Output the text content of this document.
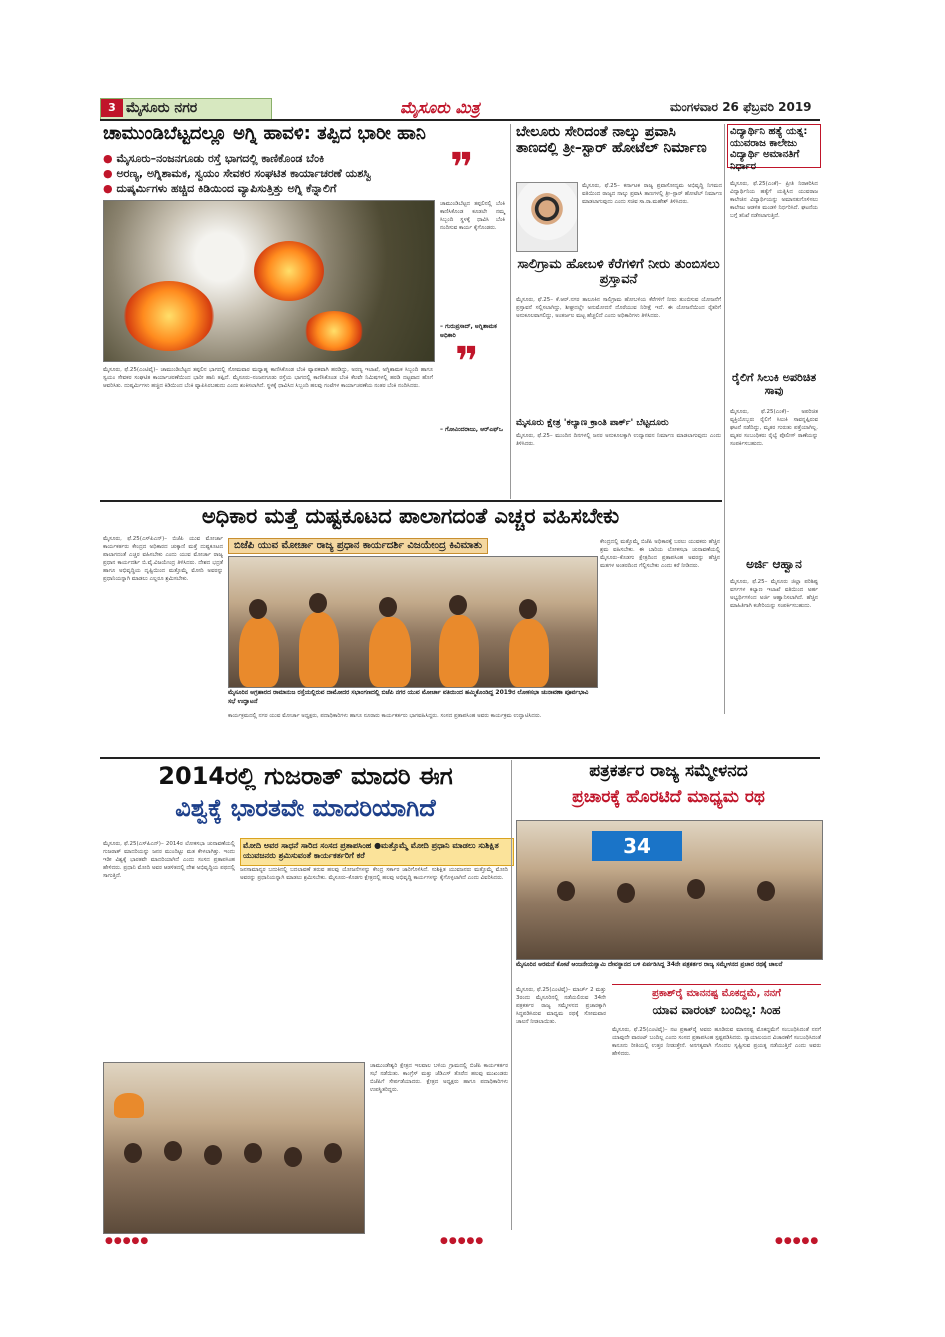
3 ಮೈಸೂರು ನಗರ	ಮೈಸೂರು ಮಿತ್ರ	ಮಂಗಳವಾರ 26 ಫೆಬ್ರವರಿ 2019
ಚಾಮುಂಡಿಬೆಟ್ಟದಲ್ಲೂ ಅಗ್ನಿ ಹಾವಳಿ: ತಪ್ಪಿದ ಭಾರೀ ಹಾನಿ
● ಮೈಸೂರು–ನಂಜನಗೂಡು ರಸ್ತೆ ಭಾಗದಲ್ಲಿ ಕಾಣಿಕೊಂಡ ಬೆಂಕಿ
● ಅರಣ್ಯ, ಅಗ್ನಿಶಾಮಕ, ಸ್ವಯಂ ಸೇವಕರ ಸಂಘಟಿತ ಕಾರ್ಯಾಚರಣೆ ಯಶಸ್ವಿ
● ದುಷ್ಕರ್ಮಿಗಳು ಹಚ್ಚಿದ ಕಿಡಿಯಿಂದ ವ್ಯಾಪಿಸುತ್ತಿತ್ತು ಅಗ್ನಿ ಕೆನ್ನಾಲಿಗೆ	❞
ಚಾಮುಂಡಿಬೆಟ್ಟದ ತಪ್ಪಲಿನಲ್ಲಿ ಬೆಂಕಿ ಕಾಣಿಸಿಕೊಂಡ ಕೂಡಲೇ ನಮ್ಮ ಸಿಬ್ಬಂದಿ ಸ್ಥಳಕ್ಕೆ ಧಾವಿಸಿ ಬೆಂಕಿ ನಂದಿಸುವ ಕಾರ್ಯ ಕೈಗೊಂಡರು.
– ಗುರುಪ್ರಸಾದ್, ಅಗ್ನಿಶಾಮಕ ಅಧಿಕಾರಿ
❞
– ಗೋವಿಂದರಾಜು, ಆರ್‌ಎಫ್‌ಒ
ಮೈಸೂರು, ಫೆ.25(ಎಂಟಿವೈ)– ಚಾಮುಂಡಿಬೆಟ್ಟದ ತಪ್ಪಲಿನ ಭಾಗದಲ್ಲಿ ಸೋಮವಾರ ಮಧ್ಯಾಹ್ನ ಕಾಣಿಸಿಕೊಂಡ ಬೆಂಕಿ ವ್ಯಾಪಕವಾಗಿ ಹರಡಿದ್ದು, ಅರಣ್ಯ ಇಲಾಖೆ, ಅಗ್ನಿಶಾಮಕ ಸಿಬ್ಬಂದಿ ಹಾಗೂ ಸ್ವಯಂ ಸೇವಕರ ಸಂಘಟಿತ ಕಾರ್ಯಾಚರಣೆಯಿಂದ ಭಾರೀ ಹಾನಿ ತಪ್ಪಿದೆ. ಮೈಸೂರು–ನಂಜನಗೂಡು ರಸ್ತೆಯ ಭಾಗದಲ್ಲಿ ಕಾಣಿಸಿಕೊಂಡ ಬೆಂಕಿ ಕೆಲವೇ ನಿಮಿಷಗಳಲ್ಲಿ ಹರಡಿ ದಟ್ಟವಾದ ಹೊಗೆ ಆವರಿಸಿತು. ದುಷ್ಕರ್ಮಿಗಳು ಹಚ್ಚಿದ ಕಿಡಿಯಿಂದ ಬೆಂಕಿ ವ್ಯಾಪಿಸಿರಬಹುದು ಎಂದು ಶಂಕಿಸಲಾಗಿದೆ. ಸ್ಥಳಕ್ಕೆ ಧಾವಿಸಿದ ಸಿಬ್ಬಂದಿ ಹಲವು ಗಂಟೆಗಳ ಕಾರ್ಯಾಚರಣೆಯ ನಂತರ ಬೆಂಕಿ ನಂದಿಸಿದರು.
ಬೇಲೂರು ಸೇರಿದಂತೆ ನಾಲ್ಕು ಪ್ರವಾಸಿ ತಾಣದಲ್ಲಿ ತ್ರೀ–ಸ್ಟಾರ್ ಹೋಟೆಲ್ ನಿರ್ಮಾಣ
ಮೈಸೂರು, ಫೆ.25– ಕರ್ನಾಟಕ ರಾಜ್ಯ ಪ್ರವಾಸೋದ್ಯಮ ಅಭಿವೃದ್ಧಿ ನಿಗಮದ ವತಿಯಿಂದ ರಾಜ್ಯದ ನಾಲ್ಕು ಪ್ರವಾಸಿ ತಾಣಗಳಲ್ಲಿ ತ್ರೀ–ಸ್ಟಾರ್ ಹೋಟೆಲ್ ನಿರ್ಮಾಣ ಮಾಡಲಾಗುವುದು ಎಂದು ಸಚಿವ ಸಾ.ರಾ.ಮಹೇಶ್ ತಿಳಿಸಿದರು.
ಸಾಲಿಗ್ರಾಮ ಹೋಬಳಿ ಕೆರೆಗಳಿಗೆ ನೀರು ತುಂಬಿಸಲು ಪ್ರಸ್ತಾವನೆ
ಮೈಸೂರು, ಫೆ.25– ಕೆ.ಆರ್.ನಗರ ತಾಲೂಕಿನ ಸಾಲಿಗ್ರಾಮ ಹೋಬಳಿಯ ಕೆರೆಗಳಿಗೆ ನೀರು ತುಂಬಿಸುವ ಯೋಜನೆಗೆ ಪ್ರಸ್ತಾವನೆ ಸಲ್ಲಿಸಲಾಗಿದ್ದು, ಶೀಘ್ರದಲ್ಲೇ ಅನುಮೋದನೆ ದೊರೆಯುವ ನಿರೀಕ್ಷೆ ಇದೆ. ಈ ಯೋಜನೆಯಿಂದ ರೈತರಿಗೆ ಅನುಕೂಲವಾಗಲಿದ್ದು, ಅಂತರ್ಜಲ ಮಟ್ಟ ಹೆಚ್ಚಲಿದೆ ಎಂದು ಅಧಿಕಾರಿಗಳು ತಿಳಿಸಿದರು.
ಮೈಸೂರು ಕ್ಷೇತ್ರ 'ಕಲ್ಯಾಣ ಕ್ರಾಂತಿ ಪಾರ್ಕ್‌' ಬೆಟ್ಟದೂರು
ಮೈಸೂರು, ಫೆ.25– ಮುಂದಿನ ದಿನಗಳಲ್ಲಿ ಜನರ ಅನುಕೂಲಕ್ಕಾಗಿ ಉದ್ಯಾನವನ ನಿರ್ಮಾಣ ಮಾಡಲಾಗುವುದು ಎಂದು ತಿಳಿಸಿದರು.
ವಿದ್ಯಾರ್ಥಿನಿ ಹತ್ಯೆ ಯತ್ನ: ಯುವರಾಜ ಕಾಲೇಜು ವಿದ್ಯಾರ್ಥಿ ಅಮಾನತಿಗೆ ನಿರ್ಧಾರ
ಮೈಸೂರು, ಫೆ.25(ಎಂಕೆ)– ಪ್ರೀತಿ ನಿರಾಕರಿಸಿದ ವಿದ್ಯಾರ್ಥಿನಿಯ ಹತ್ಯೆಗೆ ಯತ್ನಿಸಿದ ಯುವರಾಜ ಕಾಲೇಜಿನ ವಿದ್ಯಾರ್ಥಿಯನ್ನು ಅಮಾನತುಗೊಳಿಸಲು ಕಾಲೇಜು ಆಡಳಿತ ಮಂಡಳಿ ನಿರ್ಧರಿಸಿದೆ. ಘಟನೆಯ ಬಗ್ಗೆ ತನಿಖೆ ನಡೆಸಲಾಗುತ್ತಿದೆ.
ರೈಲಿಗೆ ಸಿಲುಕಿ ಅಪರಿಚಿತ ಸಾವು
ಮೈಸೂರು, ಫೆ.25(ಎಂಕೆ)– ಅಪರಿಚಿತ ವ್ಯಕ್ತಿಯೊಬ್ಬರು ರೈಲಿಗೆ ಸಿಲುಕಿ ಸಾವನ್ನಪ್ಪಿರುವ ಘಟನೆ ನಡೆದಿದ್ದು, ಮೃತರ ಗುರುತು ಪತ್ತೆಯಾಗಿಲ್ಲ. ಮೃತರ ಸಂಬಂಧಿಕರು ರೈಲ್ವೆ ಪೊಲೀಸ್ ಠಾಣೆಯನ್ನು ಸಂಪರ್ಕಿಸಬಹುದು.
ಅರ್ಜಿ ಆಹ್ವಾನ
ಮೈಸೂರು, ಫೆ.25– ಮೈಸೂರು ಜಿಲ್ಲಾ ಪರಿಶಿಷ್ಟ ವರ್ಗಗಳ ಕಲ್ಯಾಣ ಇಲಾಖೆ ವತಿಯಿಂದ ಅರ್ಹ ಅಭ್ಯರ್ಥಿಗಳಿಂದ ಅರ್ಜಿ ಆಹ್ವಾನಿಸಲಾಗಿದೆ. ಹೆಚ್ಚಿನ ಮಾಹಿತಿಗಾಗಿ ಕಚೇರಿಯನ್ನು ಸಂಪರ್ಕಿಸಬಹುದು.
ಅಧಿಕಾರ ಮತ್ತೆ ದುಷ್ಟಕೂಟದ ಪಾಲಾಗದಂತೆ ಎಚ್ಚರ ವಹಿಸಬೇಕು
ಮೈಸೂರು, ಫೆ.25(ಎಸ್‌ಪಿಎನ್)– ಬಿಜೆಪಿ ಯುವ ಮೋರ್ಚಾ ಕಾರ್ಯಕರ್ತರು ಕೇಂದ್ರದ ಅಧಿಕಾರದ ಚುಕ್ಕಾಣಿ ಮತ್ತೆ ದುಷ್ಟಕೂಟದ ಪಾಲಾಗದಂತೆ ಎಚ್ಚರ ವಹಿಸಬೇಕು ಎಂದು ಯುವ ಮೋರ್ಚಾ ರಾಜ್ಯ ಪ್ರಧಾನ ಕಾರ್ಯದರ್ಶಿ ಬಿ.ವೈ.ವಿಜಯೇಂದ್ರ ತಿಳಿಸಿದರು. ದೇಶದ ಭದ್ರತೆ ಹಾಗೂ ಅಭಿವೃದ್ಧಿಯ ದೃಷ್ಟಿಯಿಂದ ಮತ್ತೊಮ್ಮೆ ಮೋದಿ ಅವರನ್ನು ಪ್ರಧಾನಿಯನ್ನಾಗಿ ಮಾಡಲು ಎಲ್ಲರೂ ಶ್ರಮಿಸಬೇಕು.
ಬಿಜೆಪಿ ಯುವ ಮೋರ್ಚಾ ರಾಜ್ಯ ಪ್ರಧಾನ ಕಾರ್ಯದರ್ಶಿ ವಿಜಯೇಂದ್ರ ಕಿವಿಮಾತು
ಮೈಸೂರಿನ ಅಗ್ರಹಾರದ ರಾಮಾನುಜ ರಸ್ತೆಯಲ್ಲಿರುವ ದಾಮೋದರ ಸಭಾಂಗಣದಲ್ಲಿ ಬಿಜೆಪಿ ನಗರ ಯುವ ಮೋರ್ಚಾ ವತಿಯಿಂದ ಹಮ್ಮಿಕೊಂಡಿದ್ದ 2019ರ ಲೋಕಸಭಾ ಚುನಾವಣಾ ಪೂರ್ವಭಾವಿ ಸಭೆ ಉದ್ಘಾಟನೆ
ಕೇಂದ್ರದಲ್ಲಿ ಮತ್ತೊಮ್ಮೆ ಬಿಜೆಪಿ ಅಧಿಕಾರಕ್ಕೆ ಬರಲು ಯುವಕರು ಹೆಚ್ಚಿನ ಶ್ರಮ ವಹಿಸಬೇಕು. ಈ ಬಾರಿಯ ಲೋಕಸಭಾ ಚುನಾವಣೆಯಲ್ಲಿ ಮೈಸೂರು–ಕೊಡಗು ಕ್ಷೇತ್ರದಿಂದ ಪ್ರತಾಪಸಿಂಹ ಅವರನ್ನು ಹೆಚ್ಚಿನ ಮತಗಳ ಅಂತರದಿಂದ ಗೆಲ್ಲಿಸಬೇಕು ಎಂದು ಕರೆ ನೀಡಿದರು.
ಕಾರ್ಯಕ್ರಮದಲ್ಲಿ ನಗರ ಯುವ ಮೋರ್ಚಾ ಅಧ್ಯಕ್ಷರು, ಪದಾಧಿಕಾರಿಗಳು ಹಾಗೂ ನೂರಾರು ಕಾರ್ಯಕರ್ತರು ಭಾಗವಹಿಸಿದ್ದರು. ಸಂಸದ ಪ್ರತಾಪಸಿಂಹ ಅವರು ಕಾರ್ಯಕ್ರಮ ಉದ್ಘಾಟಿಸಿದರು.
2014ರಲ್ಲಿ ಗುಜರಾತ್ ಮಾದರಿ ಈಗ
ವಿಶ್ವಕ್ಕೆ ಭಾರತವೇ ಮಾದರಿಯಾಗಿದೆ
ಮೋದಿ ಅವರ ಸಾಧನೆ ಸಾರಿದ ಸಂಸದ ಪ್ರತಾಪಸಿಂಹ ●ಮತ್ತೊಮ್ಮೆ ಮೋದಿ ಪ್ರಧಾನಿ ಮಾಡಲು ಸುಶಿಕ್ಷಿತ ಯುವಜನರು ಶ್ರಮಿಸುವಂತೆ ಕಾರ್ಯಕರ್ತರಿಗೆ ಕರೆ
ಮೈಸೂರು, ಫೆ.25(ಎಸ್‌ಪಿಎನ್)– 2014ರ ಲೋಕಸಭಾ ಚುನಾವಣೆಯಲ್ಲಿ ಗುಜರಾತ್ ಮಾದರಿಯನ್ನು ಜನರ ಮುಂದಿಟ್ಟು ಮತ ಕೇಳಲಾಗಿತ್ತು. ಇಂದು ಇಡೀ ವಿಶ್ವಕ್ಕೆ ಭಾರತವೇ ಮಾದರಿಯಾಗಿದೆ ಎಂದು ಸಂಸದ ಪ್ರತಾಪಸಿಂಹ ಹೇಳಿದರು. ಪ್ರಧಾನಿ ಮೋದಿ ಅವರ ಆಡಳಿತದಲ್ಲಿ ದೇಶ ಅಭಿವೃದ್ಧಿಯ ಪಥದಲ್ಲಿ ಸಾಗುತ್ತಿದೆ.
ಜನಸಾಮಾನ್ಯರ ಬದುಕಿನಲ್ಲಿ ಬದಲಾವಣೆ ತರುವ ಹಲವು ಯೋಜನೆಗಳನ್ನು ಕೇಂದ್ರ ಸರ್ಕಾರ ಜಾರಿಗೊಳಿಸಿದೆ. ಸುಶಿಕ್ಷಿತ ಯುವಜನರು ಮತ್ತೊಮ್ಮೆ ಮೋದಿ ಅವರನ್ನು ಪ್ರಧಾನಿಯನ್ನಾಗಿ ಮಾಡಲು ಶ್ರಮಿಸಬೇಕು. ಮೈಸೂರು–ಕೊಡಗು ಕ್ಷೇತ್ರದಲ್ಲಿ ಹಲವು ಅಭಿವೃದ್ಧಿ ಕಾರ್ಯಗಳನ್ನು ಕೈಗೊಳ್ಳಲಾಗಿದೆ ಎಂದು ವಿವರಿಸಿದರು.
ಚಾಮುಂಡೇಶ್ವರಿ ಕ್ಷೇತ್ರದ ಇಲವಾಲ ಬಳಿಯ ಗ್ರಾಮದಲ್ಲಿ ಬಿಜೆಪಿ ಕಾರ್ಯಕರ್ತರ ಸಭೆ ನಡೆಯಿತು. ಕಾಂಗ್ರೆಸ್ ಮತ್ತು ಜೆಡಿಎಸ್ ತೊರೆದ ಹಲವು ಮುಖಂಡರು ಬಿಜೆಪಿಗೆ ಸೇರ್ಪಡೆಯಾದರು. ಕ್ಷೇತ್ರದ ಅಧ್ಯಕ್ಷರು ಹಾಗೂ ಪದಾಧಿಕಾರಿಗಳು ಉಪಸ್ಥಿತರಿದ್ದರು.
ಪತ್ರಕರ್ತರ ರಾಜ್ಯ ಸಮ್ಮೇಳನದ
ಪ್ರಚಾರಕ್ಕೆ ಹೊರಟಿದೆ ಮಾಧ್ಯಮ ರಥ
34
ಮೈಸೂರಿನ ಅರಮನೆ ಕೋಟೆ ಆಂಜನೇಯಸ್ವಾಮಿ ದೇವಸ್ಥಾನದ ಬಳಿ ಏರ್ಪಡಿಸಿದ್ದ 34ನೇ ಪತ್ರಕರ್ತರ ರಾಜ್ಯ ಸಮ್ಮೇಳನದ ಪ್ರಚಾರ ರಥಕ್ಕೆ ಚಾಲನೆ
ಮೈಸೂರು, ಫೆ.25(ಎಂಟಿವೈ)– ಮಾರ್ಚ್ 2 ಮತ್ತು 3ರಂದು ಮೈಸೂರಿನಲ್ಲಿ ನಡೆಯಲಿರುವ 34ನೇ ಪತ್ರಕರ್ತರ ರಾಜ್ಯ ಸಮ್ಮೇಳನದ ಪ್ರಚಾರಕ್ಕಾಗಿ ಸಿದ್ಧಪಡಿಸಿರುವ ಮಾಧ್ಯಮ ರಥಕ್ಕೆ ಸೋಮವಾರ ಚಾಲನೆ ನೀಡಲಾಯಿತು.
ಪ್ರಕಾಶ್‌ರೈ ಮಾನನಷ್ಟ ಮೊಕದ್ದಮೆ, ನನಗೆ
ಯಾವ ವಾರಂಟ್ ಬಂದಿಲ್ಲ: ಸಿಂಹ
ಮೈಸೂರು, ಫೆ.25(ಎಂಟಿವೈ)– ನಟ ಪ್ರಕಾಶ್‌ರೈ ಅವರು ಹೂಡಿರುವ ಮಾನನಷ್ಟ ಮೊಕದ್ದಮೆಗೆ ಸಂಬಂಧಿಸಿದಂತೆ ನನಗೆ ಯಾವುದೇ ವಾರಂಟ್ ಬಂದಿಲ್ಲ ಎಂದು ಸಂಸದ ಪ್ರತಾಪಸಿಂಹ ಸ್ಪಷ್ಟಪಡಿಸಿದರು. ನ್ಯಾಯಾಲಯದ ವಿಚಾರಣೆಗೆ ಸಂಬಂಧಿಸಿದಂತೆ ಕಾನೂನು ರೀತಿಯಲ್ಲಿ ಉತ್ತರ ನೀಡುತ್ತೇನೆ. ಅನಗತ್ಯವಾಗಿ ಗೊಂದಲ ಸೃಷ್ಟಿಸುವ ಪ್ರಯತ್ನ ನಡೆಯುತ್ತಿದೆ ಎಂದು ಅವರು ಹೇಳಿದರು.
●●●●●	●●●●●	●●●●●
